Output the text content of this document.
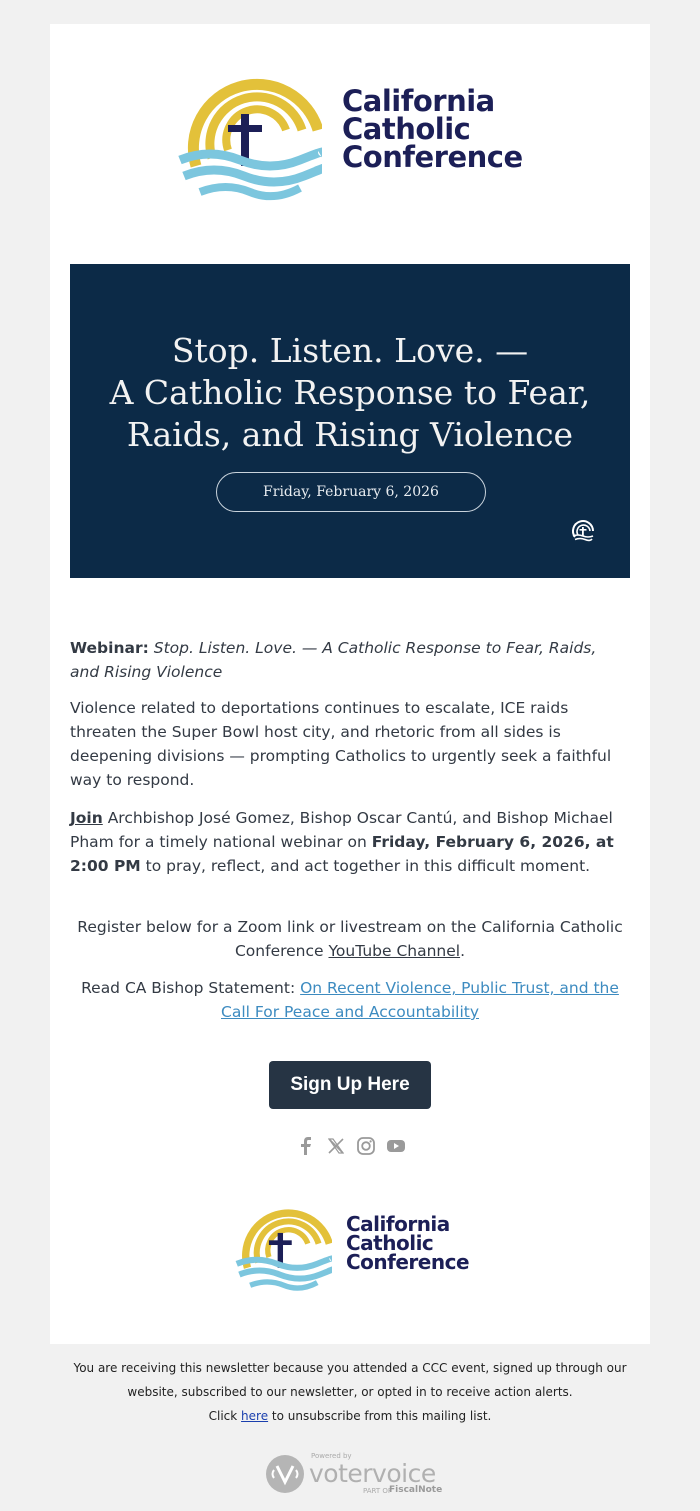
California
Catholic
Conference
Stop. Listen. Love. —
A Catholic Response to Fear,
Raids, and Rising Violence
Friday, February 6, 2026

Webinar: Stop. Listen. Love. — A Catholic Response to Fear, Raids, and Rising Violence

Violence related to deportations continues to escalate, ICE raids threaten the Super Bowl host city, and rhetoric from all sides is deepening divisions — prompting Catholics to urgently seek a faithful way to respond.

Join Archbishop José Gomez, Bishop Oscar Cantú, and Bishop Michael Pham for a timely national webinar on Friday, February 6, 2026, at 2:00 PM to pray, reflect, and act together in this difficult moment.

Register below for a Zoom link or livestream on the California Catholic Conference YouTube Channel.

Read CA Bishop Statement: On Recent Violence, Public Trust, and the Call For Peace and Accountability

Sign Up Here
California
Catholic
Conference
You are receiving this newsletter because you attended a CCC event, signed up through our
website, subscribed to our newsletter, or opted in to receive action alerts.
Click here to unsubscribe from this mailing list.
votervoice
Powered by
PART OF
FiscalNote
